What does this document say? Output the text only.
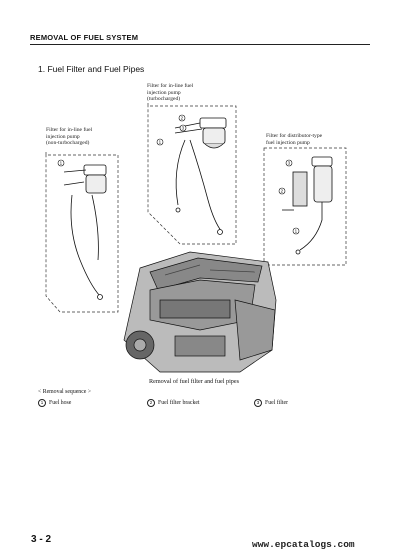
REMOVAL OF FUEL SYSTEM
1. Fuel Filter and Fuel Pipes
Filter for in-line fuel
injection pump
(turbocharged)
Filter for in-line fuel
injection pump
(non-turbocharged)
Filter for distributor-type
fuel injection pump
2
1
3
1	3
2
1
Removal of fuel filter and fuel pipes
< Removal sequence >
1 Fuel hose	2 Fuel filter bracket	3 Fuel filter
3 - 2	www.epcatalogs.com
